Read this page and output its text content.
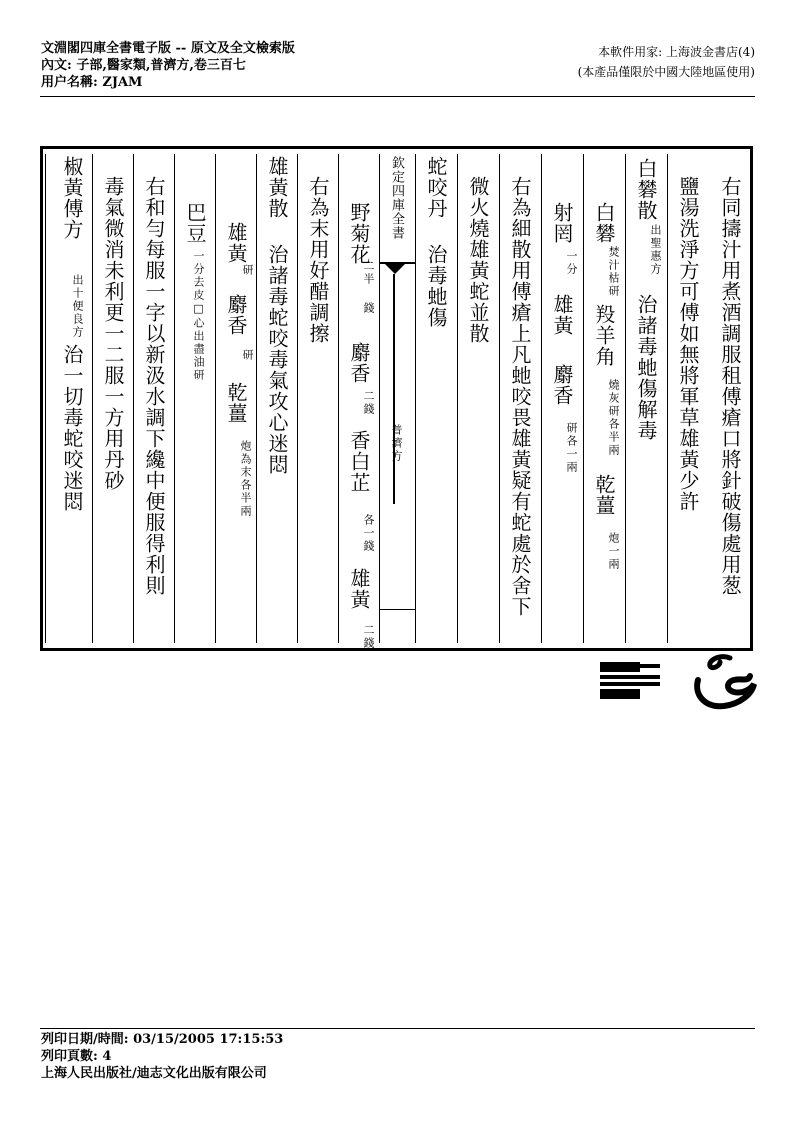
文淵閣四庫全書電子版 -- 原文及全文檢索版
內文: 子部,醫家類,普濟方,卷三百七
用户名稱: ZJAM
本軟件用家: 上海波金書店(4)
(本產品僅限於中國大陸地區使用)
右同擣汁用煮酒調服租傅瘡口將針破傷處用葱
鹽湯洗淨方可傅如無將軍草雄黃少許
白礬散
出聖惠方
治諸毒虵傷解毒
白礬
焚汁枯研
羖羊角
燒灰研各半兩
乾薑
炮一兩
射罔
一分
雄黃
麝香
研各一兩
右為細散用傅瘡上凡虵咬畏雄黃疑有蛇處於舍下
微火燒雄黃蛇並散
蛇咬丹
治毒虵傷
欽定四庫全書
普濟方
野菊花
二半
錢
麝香
二錢
香白芷
各一錢
雄黃
二錢
右為末用好醋調擦
雄黃散
治諸毒蛇咬毒氣攻心迷悶
雄黃
研
麝香
研
乾薑
炮為末各半兩
巴豆
一分去皮□心出盡油研
右和勻每服一字以新汲水調下纔中便服得利則
毒氣微消未利更一二服一方用丹砂
椒黃傅方
出十便良方
治一切毒蛇咬迷悶
列印日期/時間: 03/15/2005 17:15:53
列印頁數: 4
上海人民出版社/迪志文化出版有限公司
